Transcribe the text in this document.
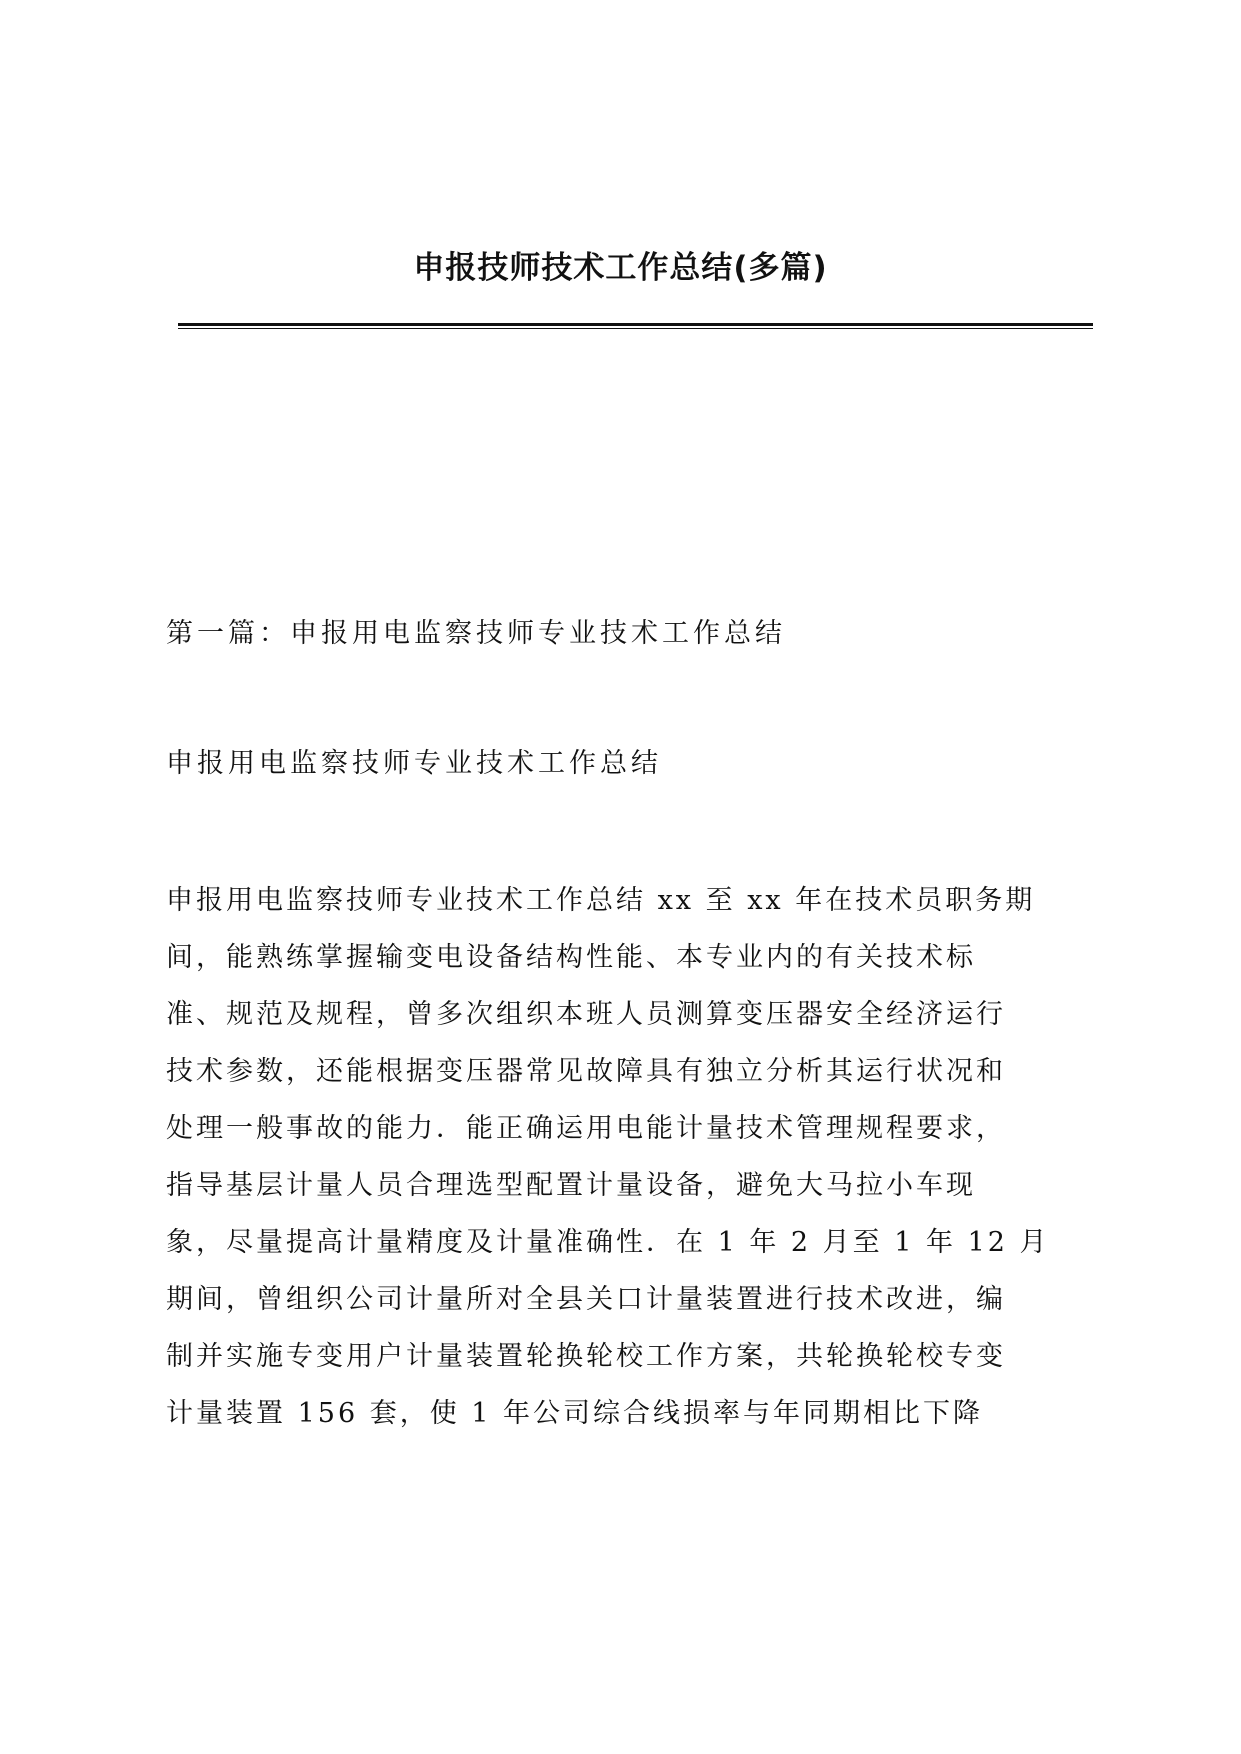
申报技师技术工作总结(多篇)
第一篇：申报用电监察技师专业技术工作总结
申报用电监察技师专业技术工作总结

申报用电监察技师专业技术工作总结 xx 至 xx 年在技术员职务期
间，能熟练掌握输变电设备结构性能、本专业内的有关技术标
准、规范及规程，曾多次组织本班人员测算变压器安全经济运行
技术参数，还能根据变压器常见故障具有独立分析其运行状况和
处理一般事故的能力．能正确运用电能计量技术管理规程要求，
指导基层计量人员合理选型配置计量设备，避免大马拉小车现
象，尽量提高计量精度及计量准确性．在 1 年 2 月至 1 年 12 月
期间，曾组织公司计量所对全县关口计量装置进行技术改进，编
制并实施专变用户计量装置轮换轮校工作方案，共轮换轮校专变
计量装置 156 套，使 1 年公司综合线损率与年同期相比下降
